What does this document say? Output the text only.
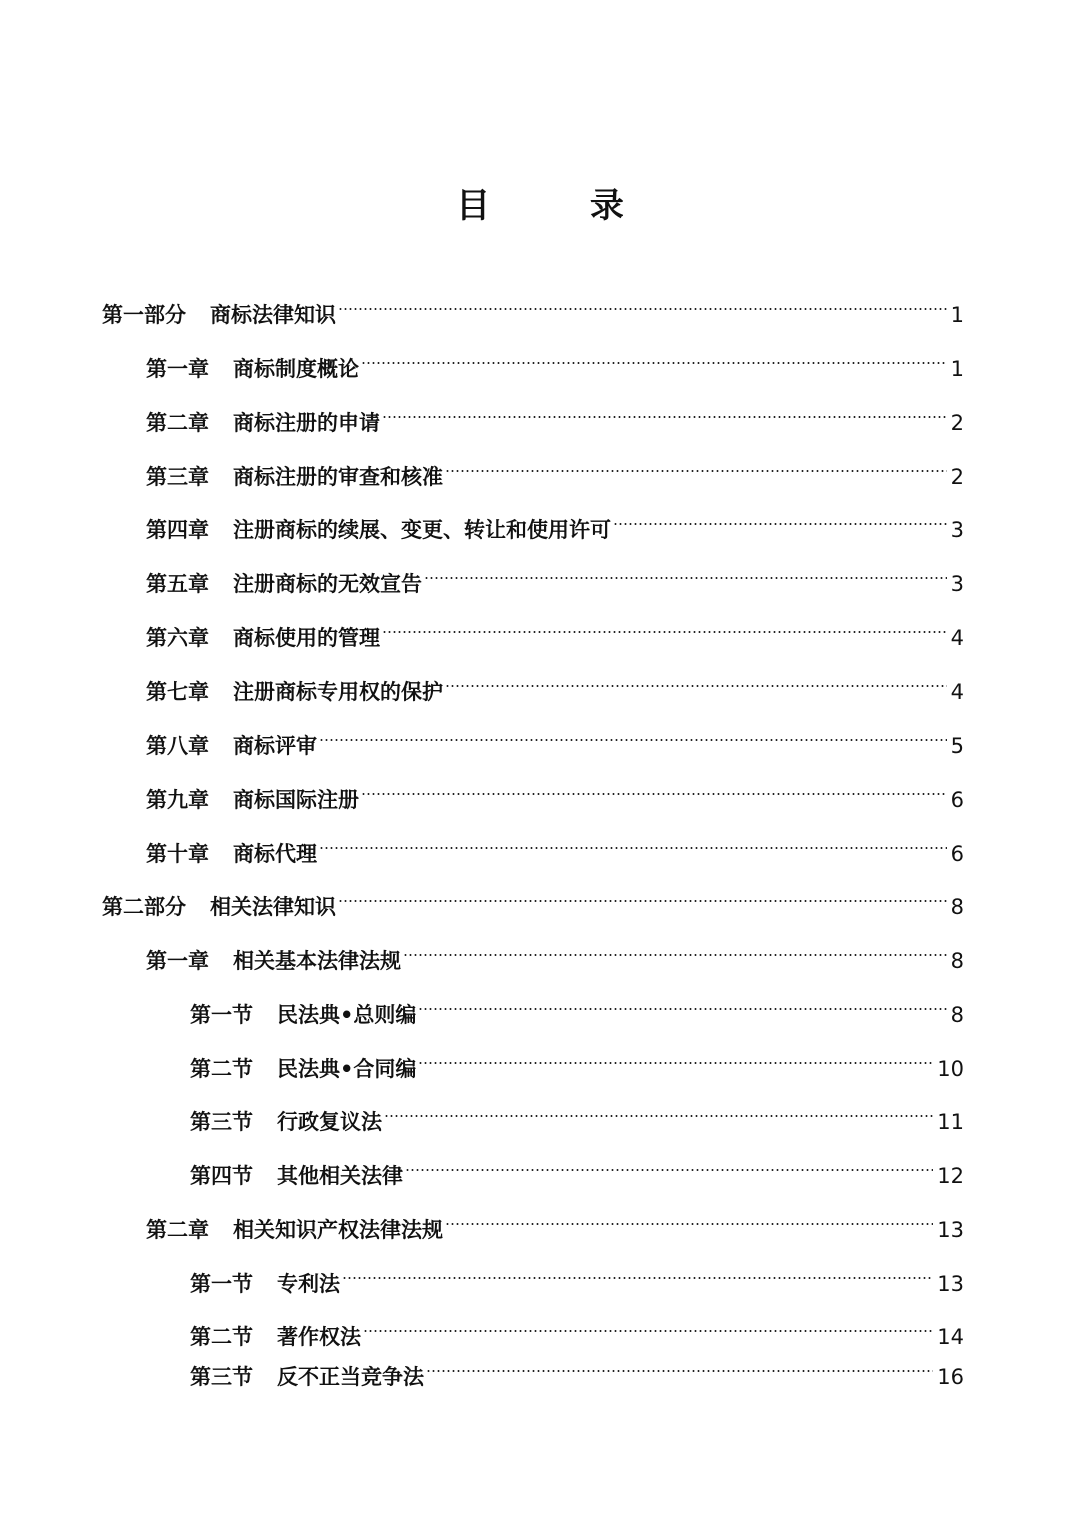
目 录
第一部分	商标法律知识	1
第一章	商标制度概论	1
第二章	商标注册的申请	2
第三章	商标注册的审查和核准	2
第四章	注册商标的续展、变更、转让和使用许可	3
第五章	注册商标的无效宣告	3
第六章	商标使用的管理	4
第七章	注册商标专用权的保护	4
第八章	商标评审	5
第九章	商标国际注册	6
第十章	商标代理	6
第二部分	相关法律知识	8
第一章	相关基本法律法规	8
第一节	民法典•总则编	8
第二节	民法典•合同编	10
第三节	行政复议法	11
第四节	其他相关法律	12
第二章	相关知识产权法律法规	13
第一节	专利法	13
第二节	著作权法	14
第三节	反不正当竞争法	16
